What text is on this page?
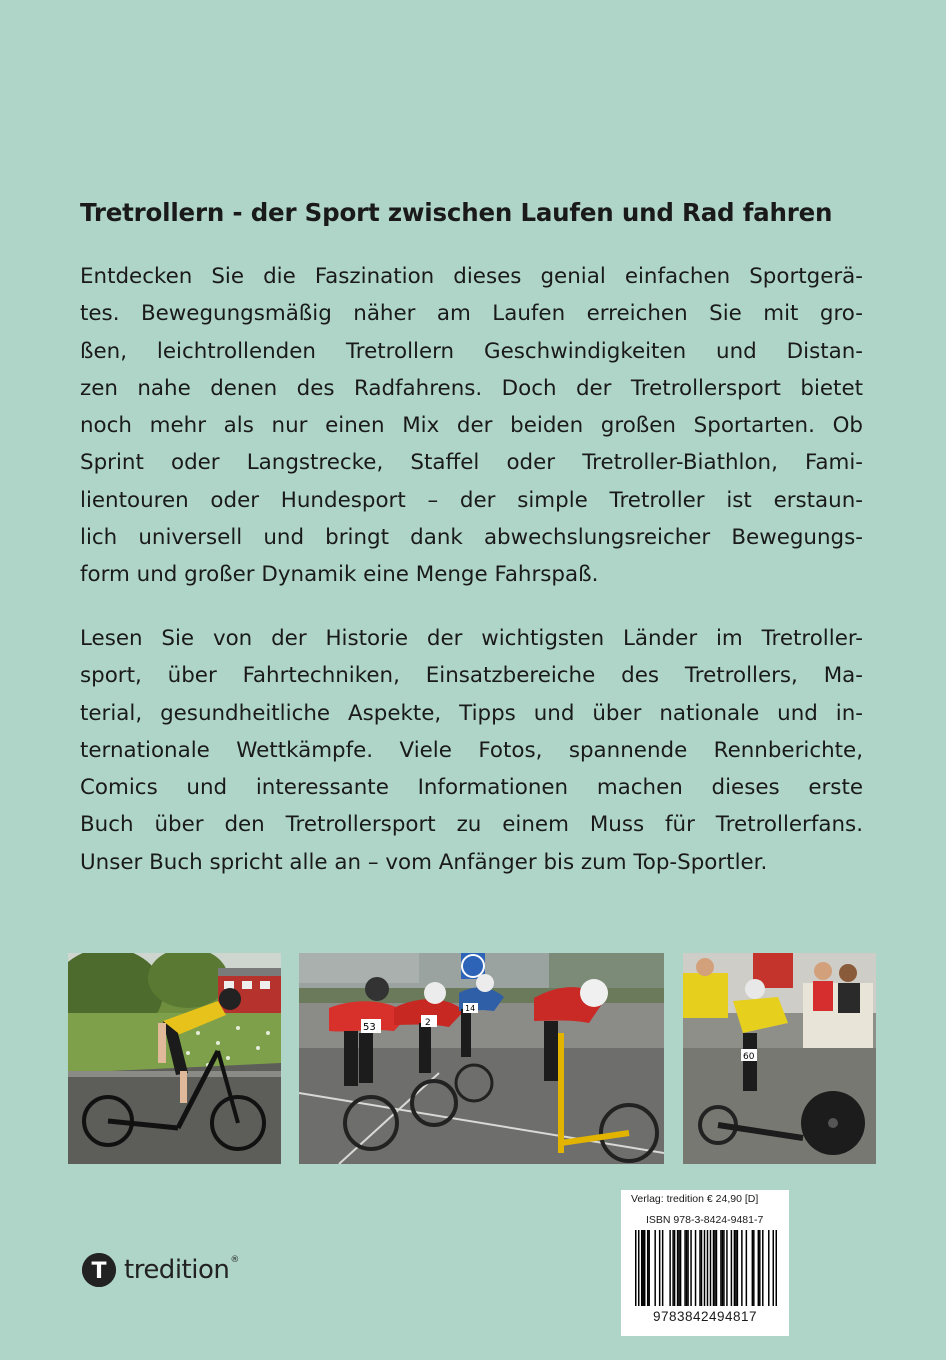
Tretrollern - der Sport zwischen Laufen und Rad fahren
Entdecken Sie die Faszination dieses genial einfachen Sportgerä-
tes. Bewegungsmäßig näher am Laufen erreichen Sie mit gro-
ßen, leichtrollenden Tretrollern Geschwindigkeiten und Distan-
zen nahe denen des Radfahrens. Doch der Tretrollersport bietet
noch mehr als nur einen Mix der beiden großen Sportarten. Ob
Sprint oder Langstrecke, Staffel oder Tretroller-Biathlon, Fami-
lientouren oder Hundesport – der simple Tretroller ist erstaun-
lich universell und bringt dank abwechslungsreicher Bewegungs-
form und großer Dynamik eine Menge Fahrspaß.
Lesen Sie von der Historie der wichtigsten Länder im Tretroller-
sport, über Fahrtechniken, Einsatzbereiche des Tretrollers, Ma-
terial, gesundheitliche Aspekte, Tipps und über nationale und in-
ternationale Wettkämpfe. Viele Fotos, spannende Rennberichte,
Comics und interessante Informationen machen dieses erste
Buch über den Tretrollersport zu einem Muss für Tretrollerfans.
Unser Buch spricht alle an – vom Anfänger bis zum Top-Sportler.
53	2
14
60
Verlag: tredition € 24,90 [D]
ISBN 978-3-8424-9481-7
9783842494817
T tredition®
